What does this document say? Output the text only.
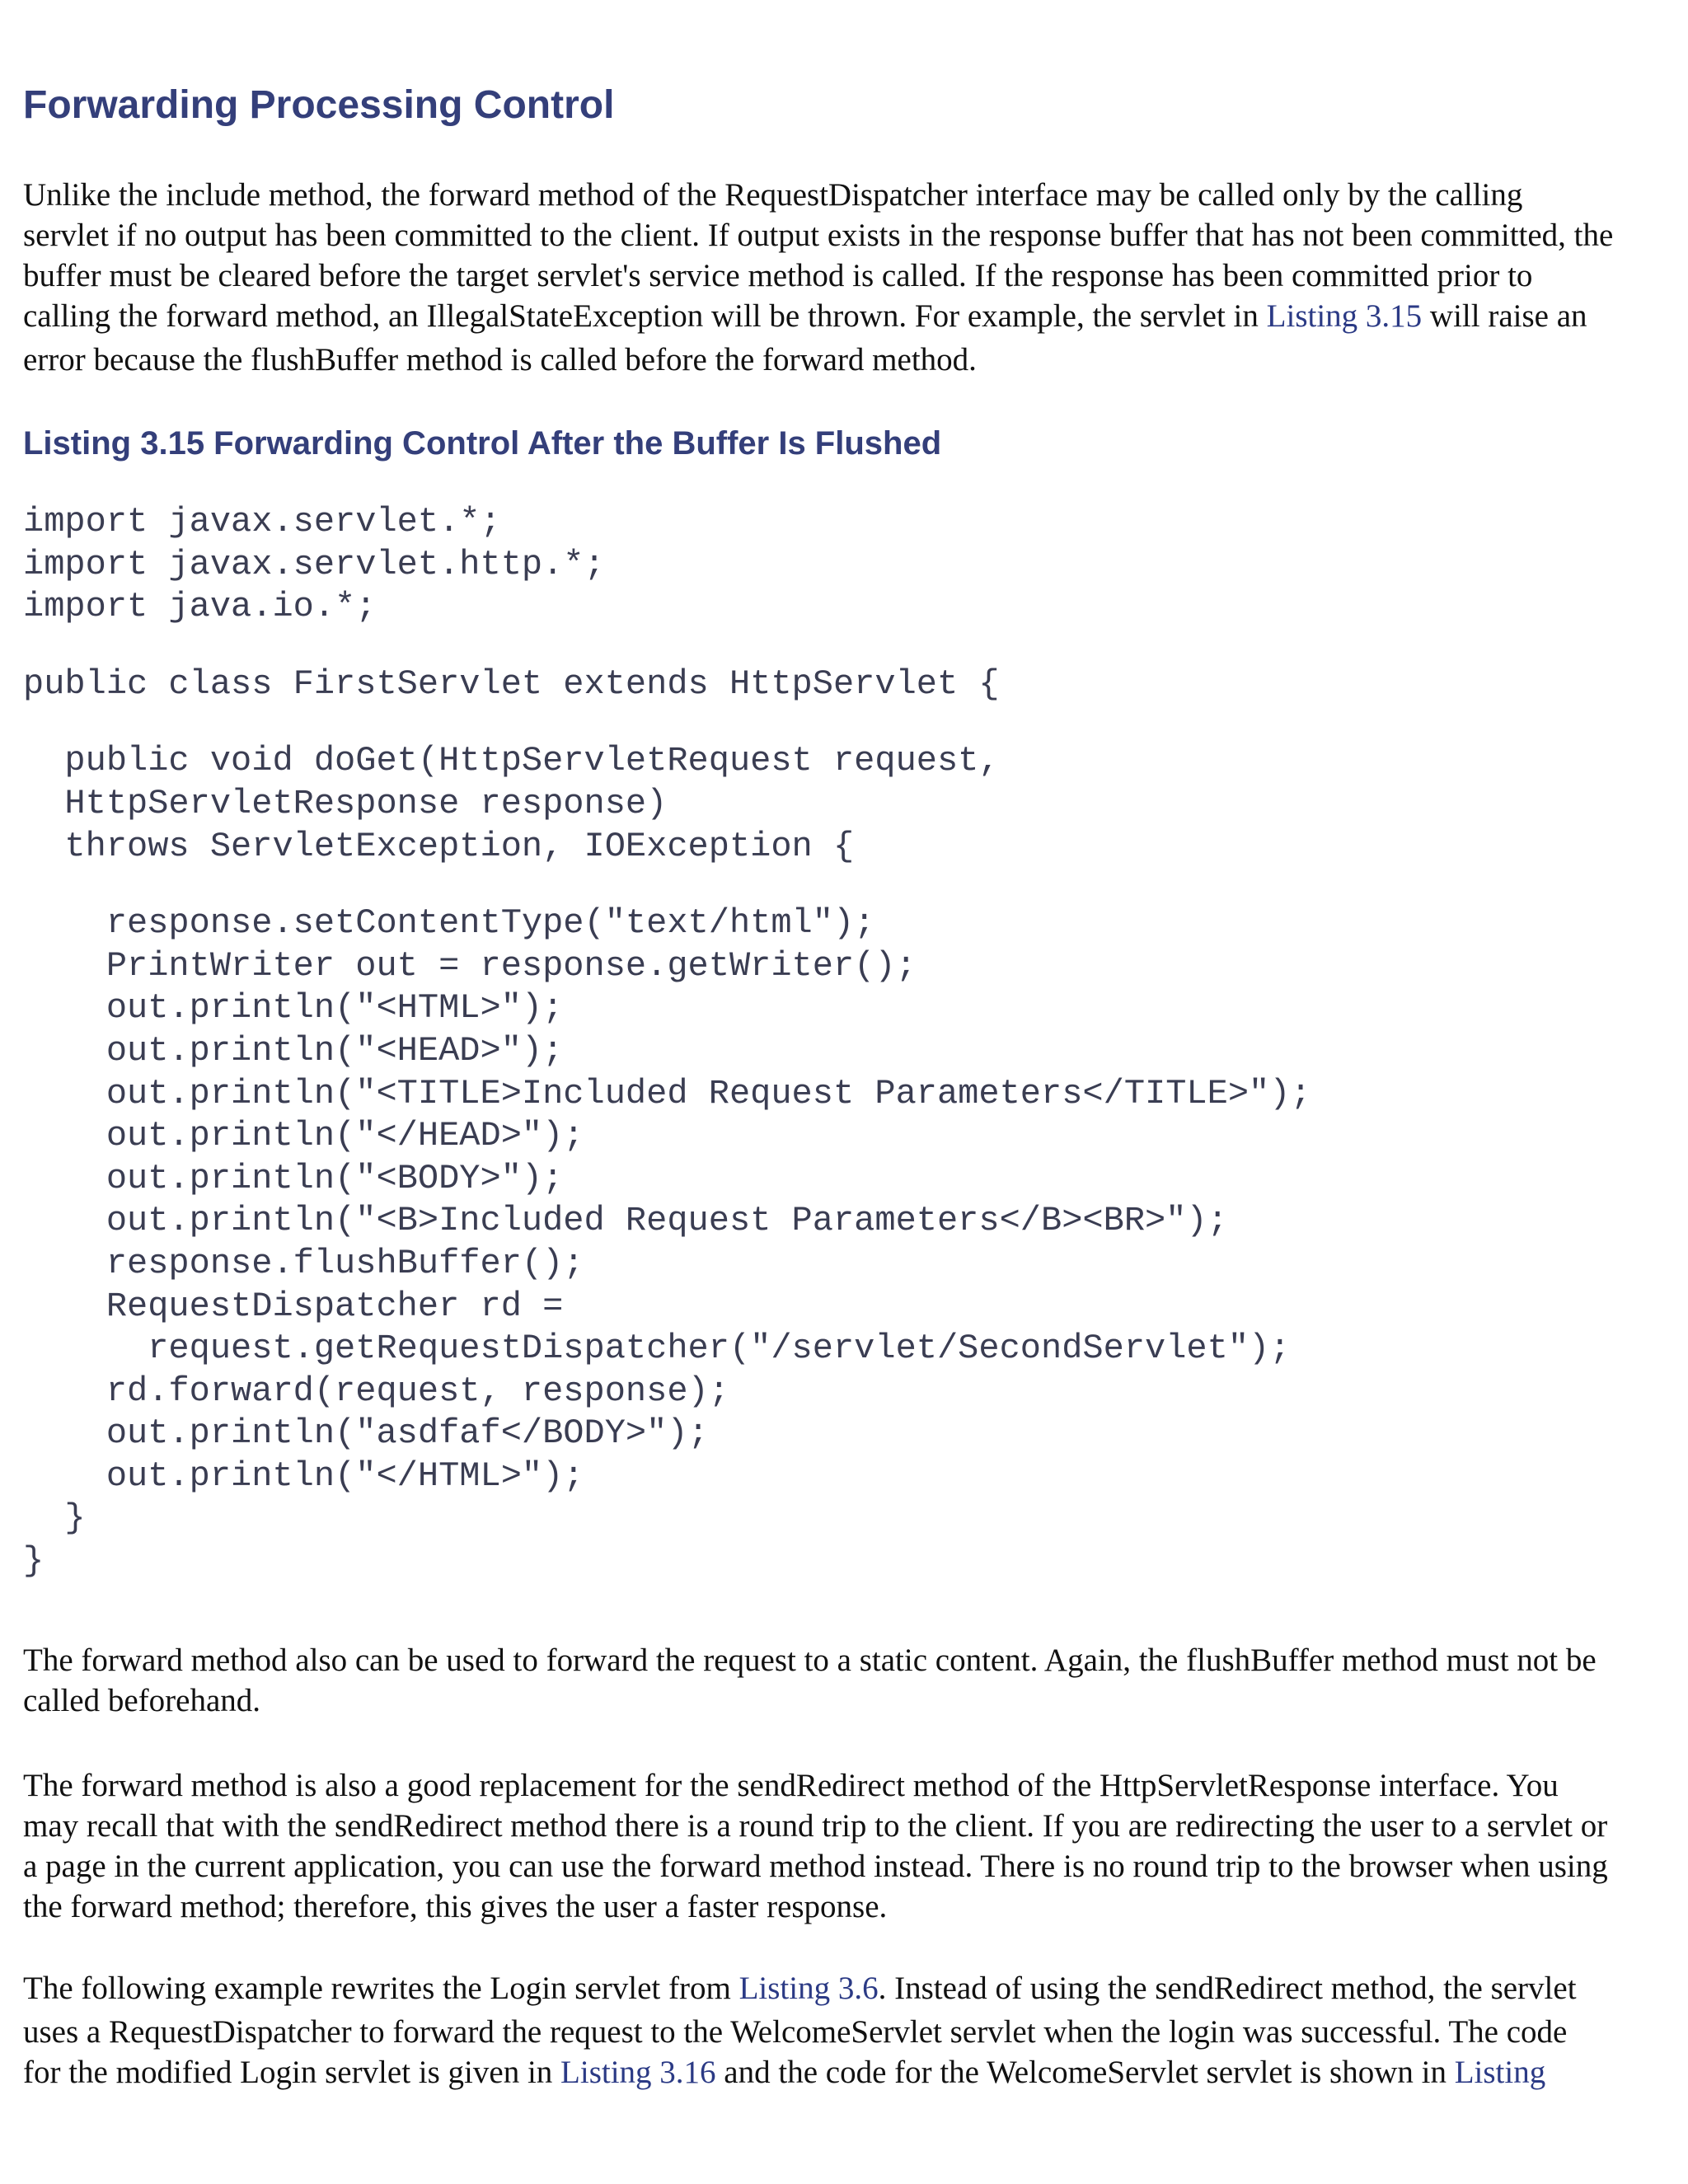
Forwarding Processing Control
Unlike the include method, the forward method of the RequestDispatcher interface may be called only by the calling
servlet if no output has been committed to the client. If output exists in the response buffer that has not been committed, the
buffer must be cleared before the target servlet's service method is called. If the response has been committed prior to
calling the forward method, an IllegalStateException will be thrown. For example, the servlet in Listing 3.15 will raise an
error because the flushBuffer method is called before the forward method.
Listing 3.15 Forwarding Control After the Buffer Is Flushed
import javax.servlet.*;
import javax.servlet.http.*;
import java.io.*;
public class FirstServlet extends HttpServlet {
public void doGet(HttpServletRequest request,
HttpServletResponse response)
throws ServletException, IOException {
response.setContentType("text/html");
PrintWriter out = response.getWriter();
out.println("<HTML>");
out.println("<HEAD>");
out.println("<TITLE>Included Request Parameters</TITLE>");
out.println("</HEAD>");
out.println("<BODY>");
out.println("<B>Included Request Parameters</B><BR>");
response.flushBuffer();
RequestDispatcher rd =
request.getRequestDispatcher("/servlet/SecondServlet");
rd.forward(request, response);
out.println("asdfaf</BODY>");
out.println("</HTML>");
}
}
The forward method also can be used to forward the request to a static content. Again, the flushBuffer method must not be
called beforehand.
The forward method is also a good replacement for the sendRedirect method of the HttpServletResponse interface. You
may recall that with the sendRedirect method there is a round trip to the client. If you are redirecting the user to a servlet or
a page in the current application, you can use the forward method instead. There is no round trip to the browser when using
the forward method; therefore, this gives the user a faster response.
The following example rewrites the Login servlet from Listing 3.6. Instead of using the sendRedirect method, the servlet
uses a RequestDispatcher to forward the request to the WelcomeServlet servlet when the login was successful. The code
for the modified Login servlet is given in Listing 3.16 and the code for the WelcomeServlet servlet is shown in Listing
